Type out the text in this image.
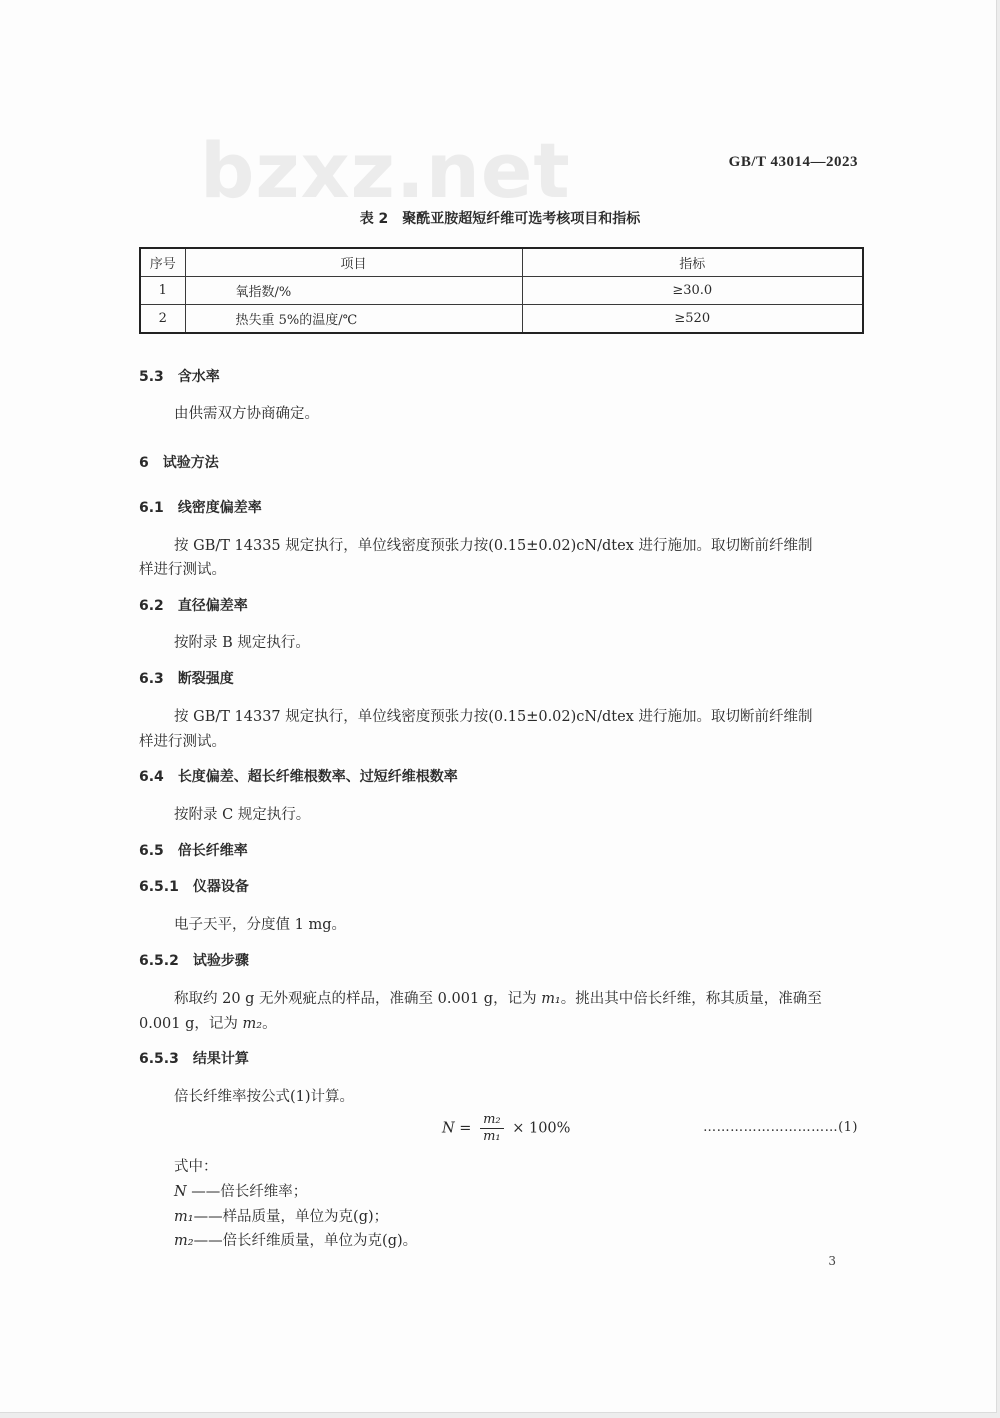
bzxz.net	GB/T 43014—2023
表 2　聚酰亚胺超短纤维可选考核项目和指标
序号	项目	指标
1	氧指数/%	≥30.0
2	热失重 5%的温度/℃	≥520
5.3 含水率
由供需双方协商确定。
6 试验方法
6.1 线密度偏差率
按 GB/T 14335 规定执行，单位线密度预张力按(0.15±0.02)cN/dtex 进行施加。取切断前纤维制
样进行测试。
6.2 直径偏差率
按附录 B 规定执行。
6.3 断裂强度
按 GB/T 14337 规定执行，单位线密度预张力按(0.15±0.02)cN/dtex 进行施加。取切断前纤维制
样进行测试。
6.4 长度偏差、超长纤维根数率、过短纤维根数率
按附录 C 规定执行。
6.5 倍长纤维率
6.5.1 仪器设备
电子天平，分度值 1 mg。
6.5.2 试验步骤
称取约 20 g 无外观疵点的样品，准确至 0.001 g，记为 m₁。挑出其中倍长纤维，称其质量，准确至
0.001 g，记为 m₂。
6.5.3 结果计算
倍长纤维率按公式(1)计算。
$N = \frac{\text{m₂}}{\text{m₁}} \times 100\%$	…………………………(1)
式中：
N ——倍长纤维率；
m₁——样品质量，单位为克(g)；
m₂——倍长纤维质量，单位为克(g)。
3
